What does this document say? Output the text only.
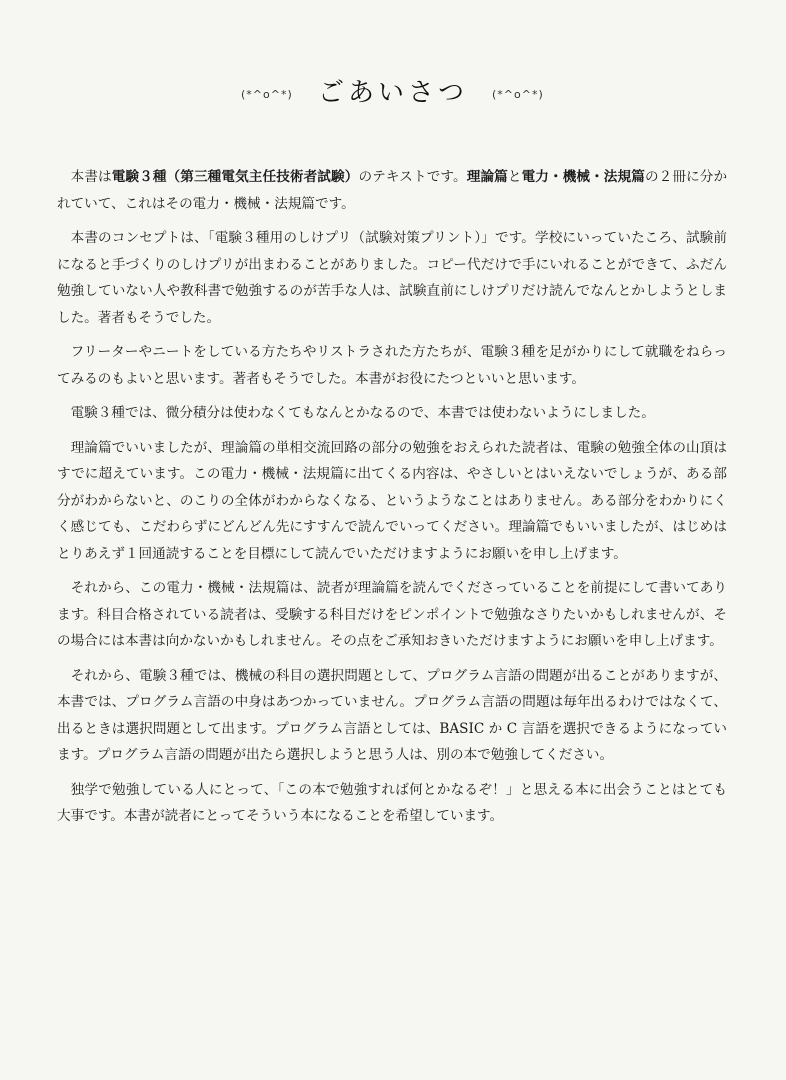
(*^o^*) ごあいさつ	(*^o^*)

本書は電験３種（第三種電気主任技術者試験）のテキストです。理論篇と電力・機械・法規篇の２冊に分かれていて、これはその電力・機械・法規篇です。

本書のコンセプトは、「電験３種用のしけプリ（試験対策プリント）」です。学校にいっていたころ、試験前になると手づくりのしけプリが出まわることがありました。コピー代だけで手にいれることができて、ふだん勉強していない人や教科書で勉強するのが苦手な人は、試験直前にしけプリだけ読んでなんとかしようとしました。著者もそうでした。

フリーターやニートをしている方たちやリストラされた方たちが、電験３種を足がかりにして就職をねらってみるのもよいと思います。著者もそうでした。本書がお役にたつといいと思います。

電験３種では、微分積分は使わなくてもなんとかなるので、本書では使わないようにしました。

理論篇でいいましたが、理論篇の単相交流回路の部分の勉強をおえられた読者は、電験の勉強全体の山頂はすでに超えています。この電力・機械・法規篇に出てくる内容は、やさしいとはいえないでしょうが、ある部分がわからないと、のこりの全体がわからなくなる、というようなことはありません。ある部分をわかりにくく感じても、こだわらずにどんどん先にすすんで読んでいってください。理論篇でもいいましたが、はじめはとりあえず１回通読することを目標にして読んでいただけますようにお願いを申し上げます。

それから、この電力・機械・法規篇は、読者が理論篇を読んでくださっていることを前提にして書いてあります。科目合格されている読者は、受験する科目だけをピンポイントで勉強なさりたいかもしれませんが、その場合には本書は向かないかもしれません。その点をご承知おきいただけますようにお願いを申し上げます。

それから、電験３種では、機械の科目の選択問題として、プログラム言語の問題が出ることがありますが、本書では、プログラム言語の中身はあつかっていません。プログラム言語の問題は毎年出るわけではなくて、出るときは選択問題として出ます。プログラム言語としては、BASIC か C 言語を選択できるようになっています。プログラム言語の問題が出たら選択しようと思う人は、別の本で勉強してください。

独学で勉強している人にとって、「この本で勉強すれば何とかなるぞ！」と思える本に出会うことはとても大事です。本書が読者にとってそういう本になることを希望しています。
